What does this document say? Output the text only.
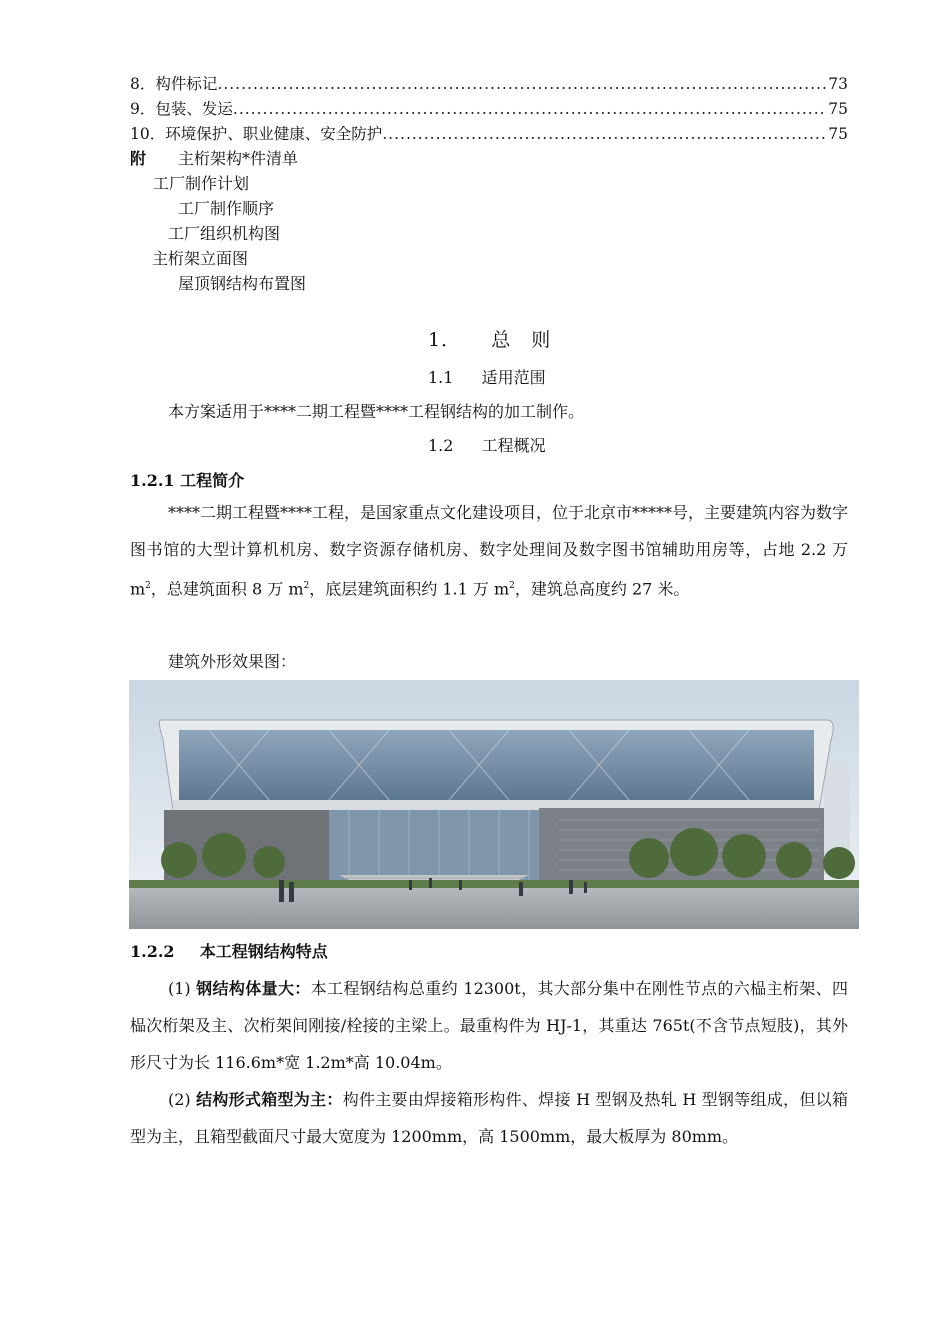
8． 构件标记 .....	73
9． 包装、发运 .....	75
10． 环境保护、职业健康、安全防护 .....	75
附 主桁架构*件清单
工厂制作计划
工厂制作顺序
工厂组织机构图
主桁架立面图
屋顶钢结构布置图
1． 总　则
1.1 适用范围
本方案适用于****二期工程暨****工程钢结构的加工制作。
1.2 工程概况
1.2.1 工程简介

****二期工程暨****工程，是国家重点文化建设项目，位于北京市*****号，主要建筑内容为数字图书馆的大型计算机机房、数字资源存储机房、数字处理间及数字图书馆辅助用房等，占地 2.2 万 $m^2$，总建筑面积 8 万 $m^2$，底层建筑面积约 1.1 万 $m^2$，建筑总高度约 27 米。

建筑外形效果图：
1.2.2 本工程钢结构特点

(1) 钢结构体量大：本工程钢结构总重约 12300t，其大部分集中在刚性节点的六榀主桁架、四榀次桁架及主、次桁架间刚接/栓接的主梁上。最重构件为 HJ-1，其重达 765t(不含节点短肢)，其外形尺寸为长 116.6m*宽 1.2m*高 10.04m。

(2) 结构形式箱型为主：构件主要由焊接箱形构件、焊接 H 型钢及热轧 H 型钢等组成，但以箱型为主，且箱型截面尺寸最大宽度为 1200mm，高 1500mm，最大板厚为 80mm。
